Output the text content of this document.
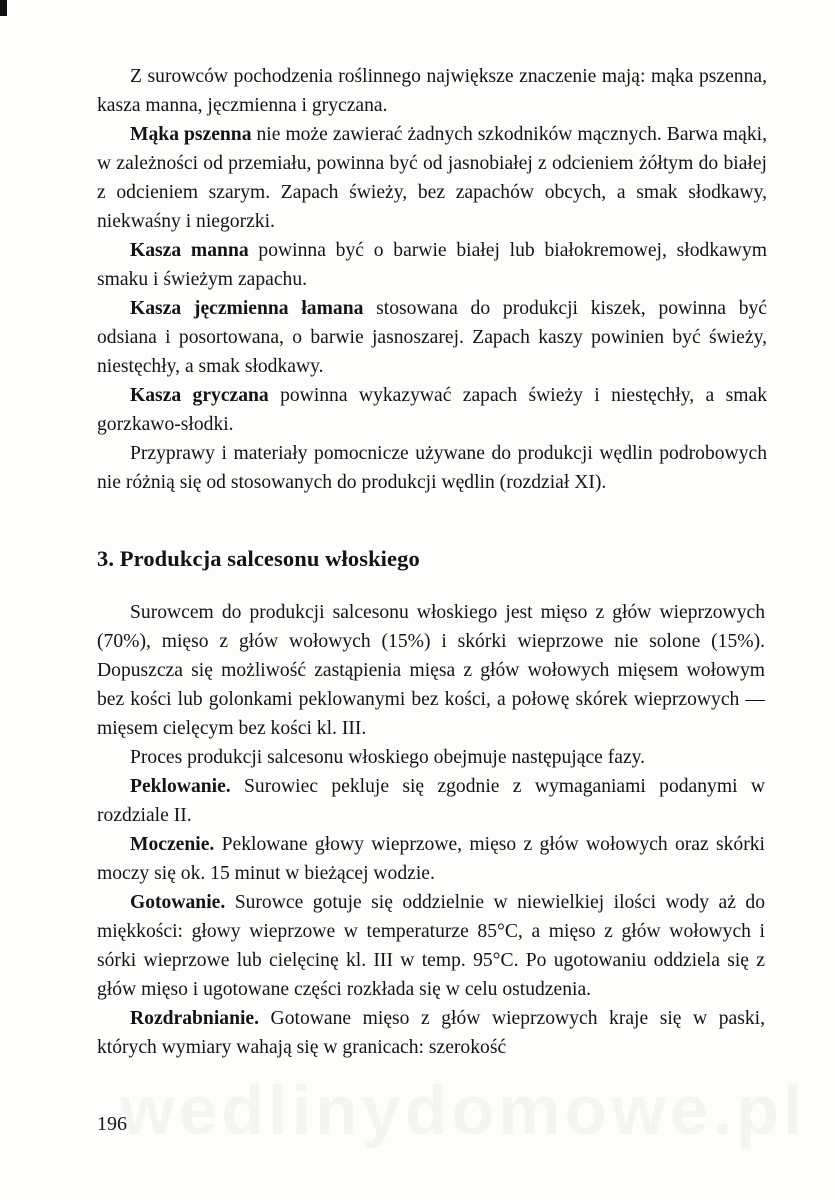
Z surowców pochodzenia roślinnego największe znaczenie mają: mąka pszenna, kasza manna, jęczmienna i gryczana.

Mąka pszenna nie może zawierać żadnych szkodników mącznych. Barwa mąki, w zależności od przemiału, powinna być od jasnobiałej z odcieniem żółtym do białej z odcieniem szarym. Zapach świeży, bez zapachów obcych, a smak słodkawy, niekwaśny i niegorzki.

Kasza manna powinna być o barwie białej lub białokremowej, słodkawym smaku i świeżym zapachu.

Kasza jęczmienna łamana stosowana do produkcji kiszek, powinna być odsiana i posortowana, o barwie jasnoszarej. Zapach kaszy powinien być świeży, niestęchły, a smak słodkawy.

Kasza gryczana powinna wykazywać zapach świeży i niestęchły, a smak gorzkawo-słodki.

Przyprawy i materiały pomocnicze używane do produkcji wędlin podrobowych nie różnią się od stosowanych do produkcji wędlin (rozdział XI).

3. Produkcja salcesonu włoskiego

Surowcem do produkcji salcesonu włoskiego jest mięso z głów wieprzowych (70%), mięso z głów wołowych (15%) i skórki wieprzowe nie solone (15%). Dopuszcza się możliwość zastąpienia mięsa z głów wołowych mięsem wołowym bez kości lub golonkami peklowanymi bez kości, a połowę skórek wieprzowych — mięsem cielęcym bez kości kl. III.

Proces produkcji salcesonu włoskiego obejmuje następujące fazy.

Peklowanie. Surowiec pekluje się zgodnie z wymaganiami podanymi w rozdziale II.

Moczenie. Peklowane głowy wieprzowe, mięso z głów wołowych oraz skórki moczy się ok. 15 minut w bieżącej wodzie.

Gotowanie. Surowce gotuje się oddzielnie w niewielkiej ilości wody aż do miękkości: głowy wieprzowe w temperaturze 85°C, a mięso z głów wołowych i sórki wieprzowe lub cielęcinę kl. III w temp. 95°C. Po ugotowaniu oddziela się z głów mięso i ugotowane części rozkłada się w celu ostudzenia.

Rozdrabnianie. Gotowane mięso z głów wieprzowych kraje się w paski, których wymiary wahają się w granicach: szerokość

196
